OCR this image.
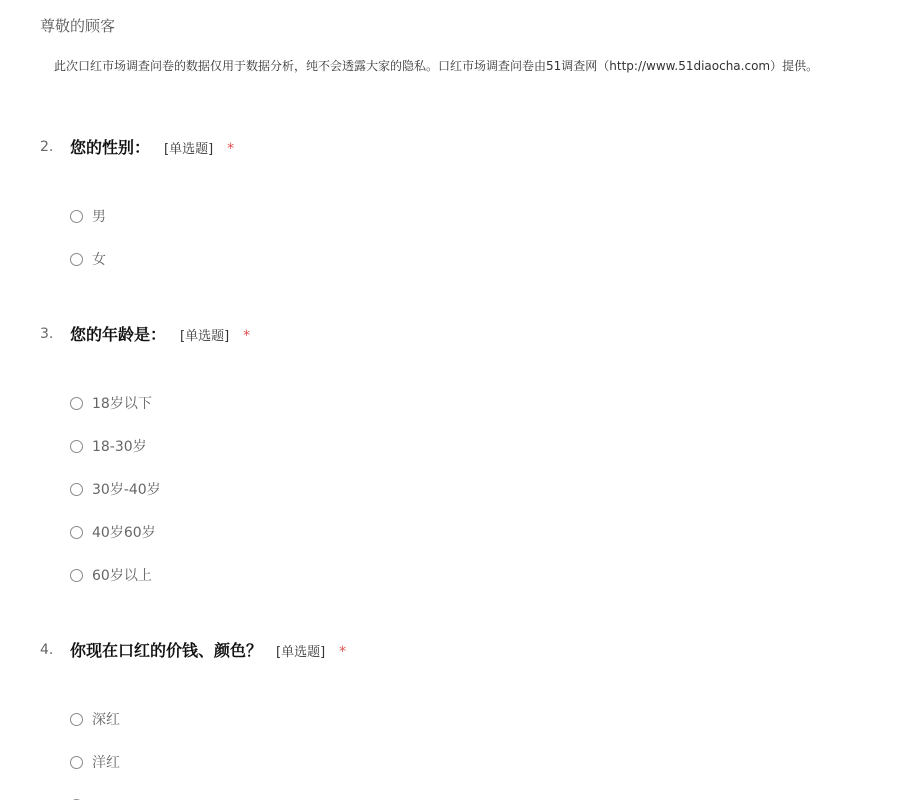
尊敬的顾客
此次口红市场调查问卷的数据仅用于数据分析，纯不会透露大家的隐私。口红市场调查问卷由51调查网（http://www.51diaocha.com）提供。
2. 您的性别： [单选题] *
男
女
3. 您的年龄是： [单选题] *
18岁以下
18-30岁
30岁-40岁
40岁60岁
60岁以上
4. 你现在口红的价钱、颜色？ [单选题] *
深红
洋红
